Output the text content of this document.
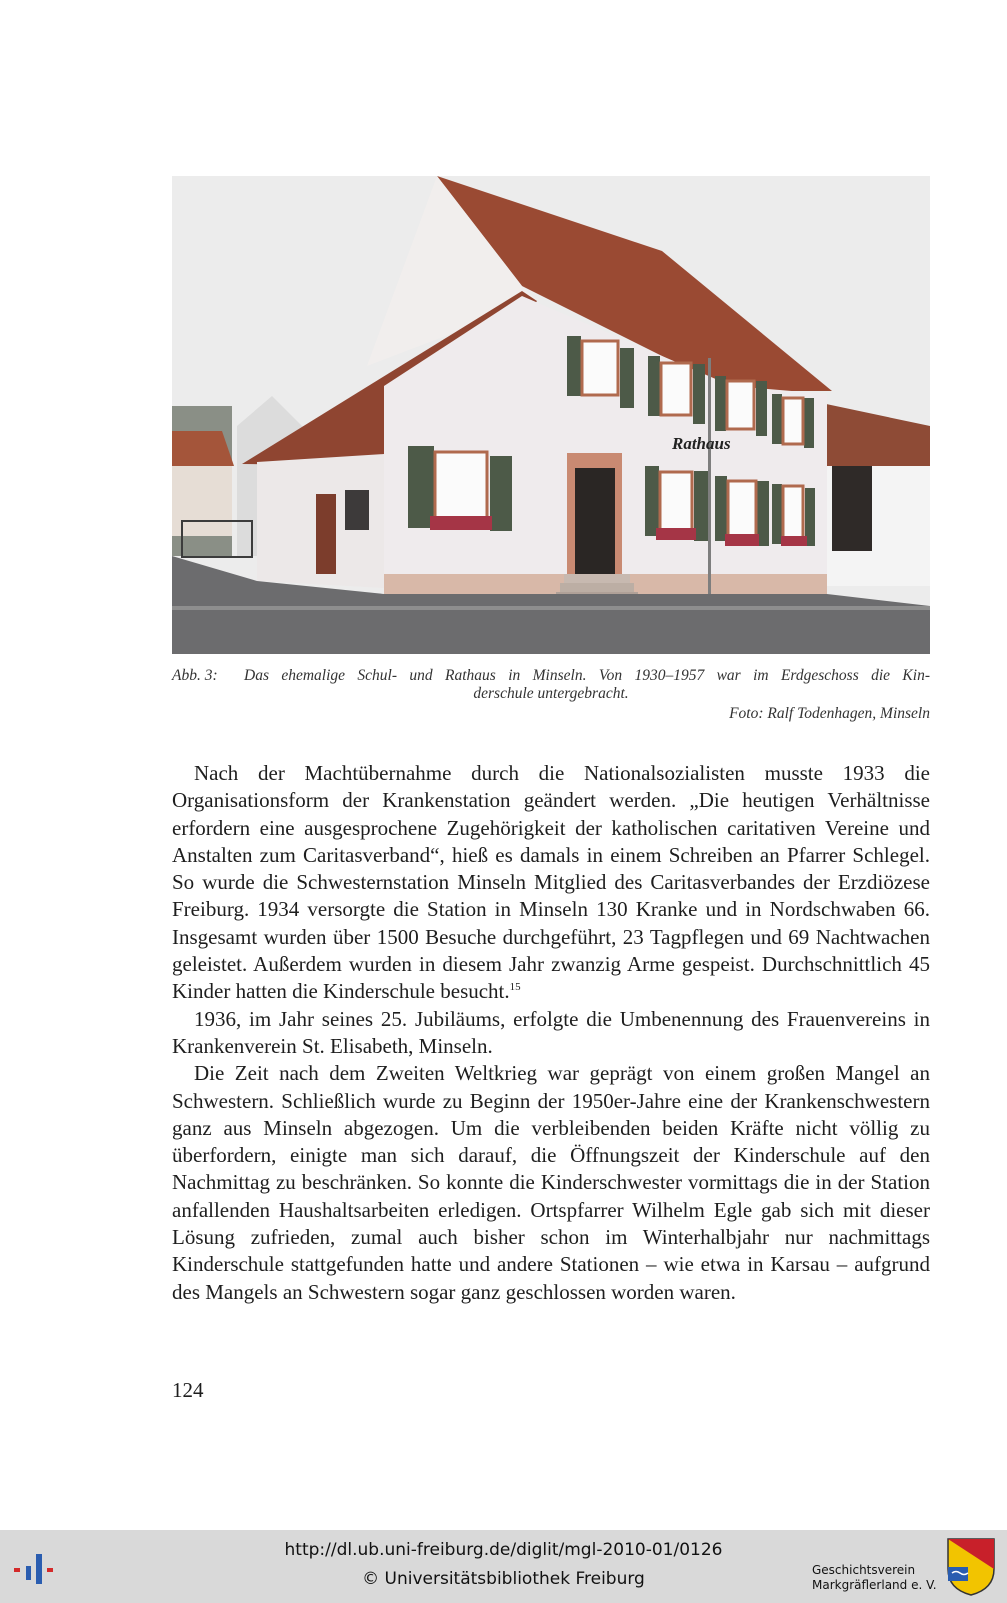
Rathaus
Abb. 3:	Das ehemalige Schul- und Rathaus in Minseln. Von 1930–1957 war im Erdgeschoss die Kin-
derschule untergebracht.
Foto: Ralf Todenhagen, Minseln

Nach der Machtübernahme durch die Nationalsozialisten musste 1933 die Organisationsform der Krankenstation geändert werden. „Die heutigen Verhältnisse erfordern eine ausgesprochene Zugehörigkeit der katholischen caritativen Vereine und Anstalten zum Caritasverband“, hieß es damals in einem Schreiben an Pfarrer Schlegel. So wurde die Schwesternstation Minseln Mitglied des Caritasverbandes der Erzdiözese Freiburg. 1934 versorgte die Station in Minseln 130 Kranke und in Nordschwaben 66. Insgesamt wurden über 1500 Besuche durchgeführt, 23 Tagpflegen und 69 Nachtwachen geleistet. Außerdem wurden in diesem Jahr zwanzig Arme gespeist. Durchschnittlich 45 Kinder hatten die Kinderschule besucht.$^{15}$

1936, im Jahr seines 25. Jubiläums, erfolgte die Umbenennung des Frauenvereins in Krankenverein St. Elisabeth, Minseln.

Die Zeit nach dem Zweiten Weltkrieg war geprägt von einem großen Mangel an Schwestern. Schließlich wurde zu Beginn der 1950er-Jahre eine der Krankenschwestern ganz aus Minseln abgezogen. Um die verbleibenden beiden Kräfte nicht völlig zu überfordern, einigte man sich darauf, die Öffnungszeit der Kinderschule auf den Nachmittag zu beschränken. So konnte die Kinderschwester vormittags die in der Station anfallenden Haushaltsarbeiten erledigen. Ortspfarrer Wilhelm Egle gab sich mit dieser Lösung zufrieden, zumal auch bisher schon im Winterhalbjahr nur nachmittags Kinderschule stattgefunden hatte und andere Stationen – wie etwa in Karsau – aufgrund des Mangels an Schwestern sogar ganz geschlossen worden waren.

124
http://dl.ub.uni-freiburg.de/diglit/mgl-2010-01/0126
© Universitätsbibliothek Freiburg	Geschichtsverein
Markgräflerland e. V.
